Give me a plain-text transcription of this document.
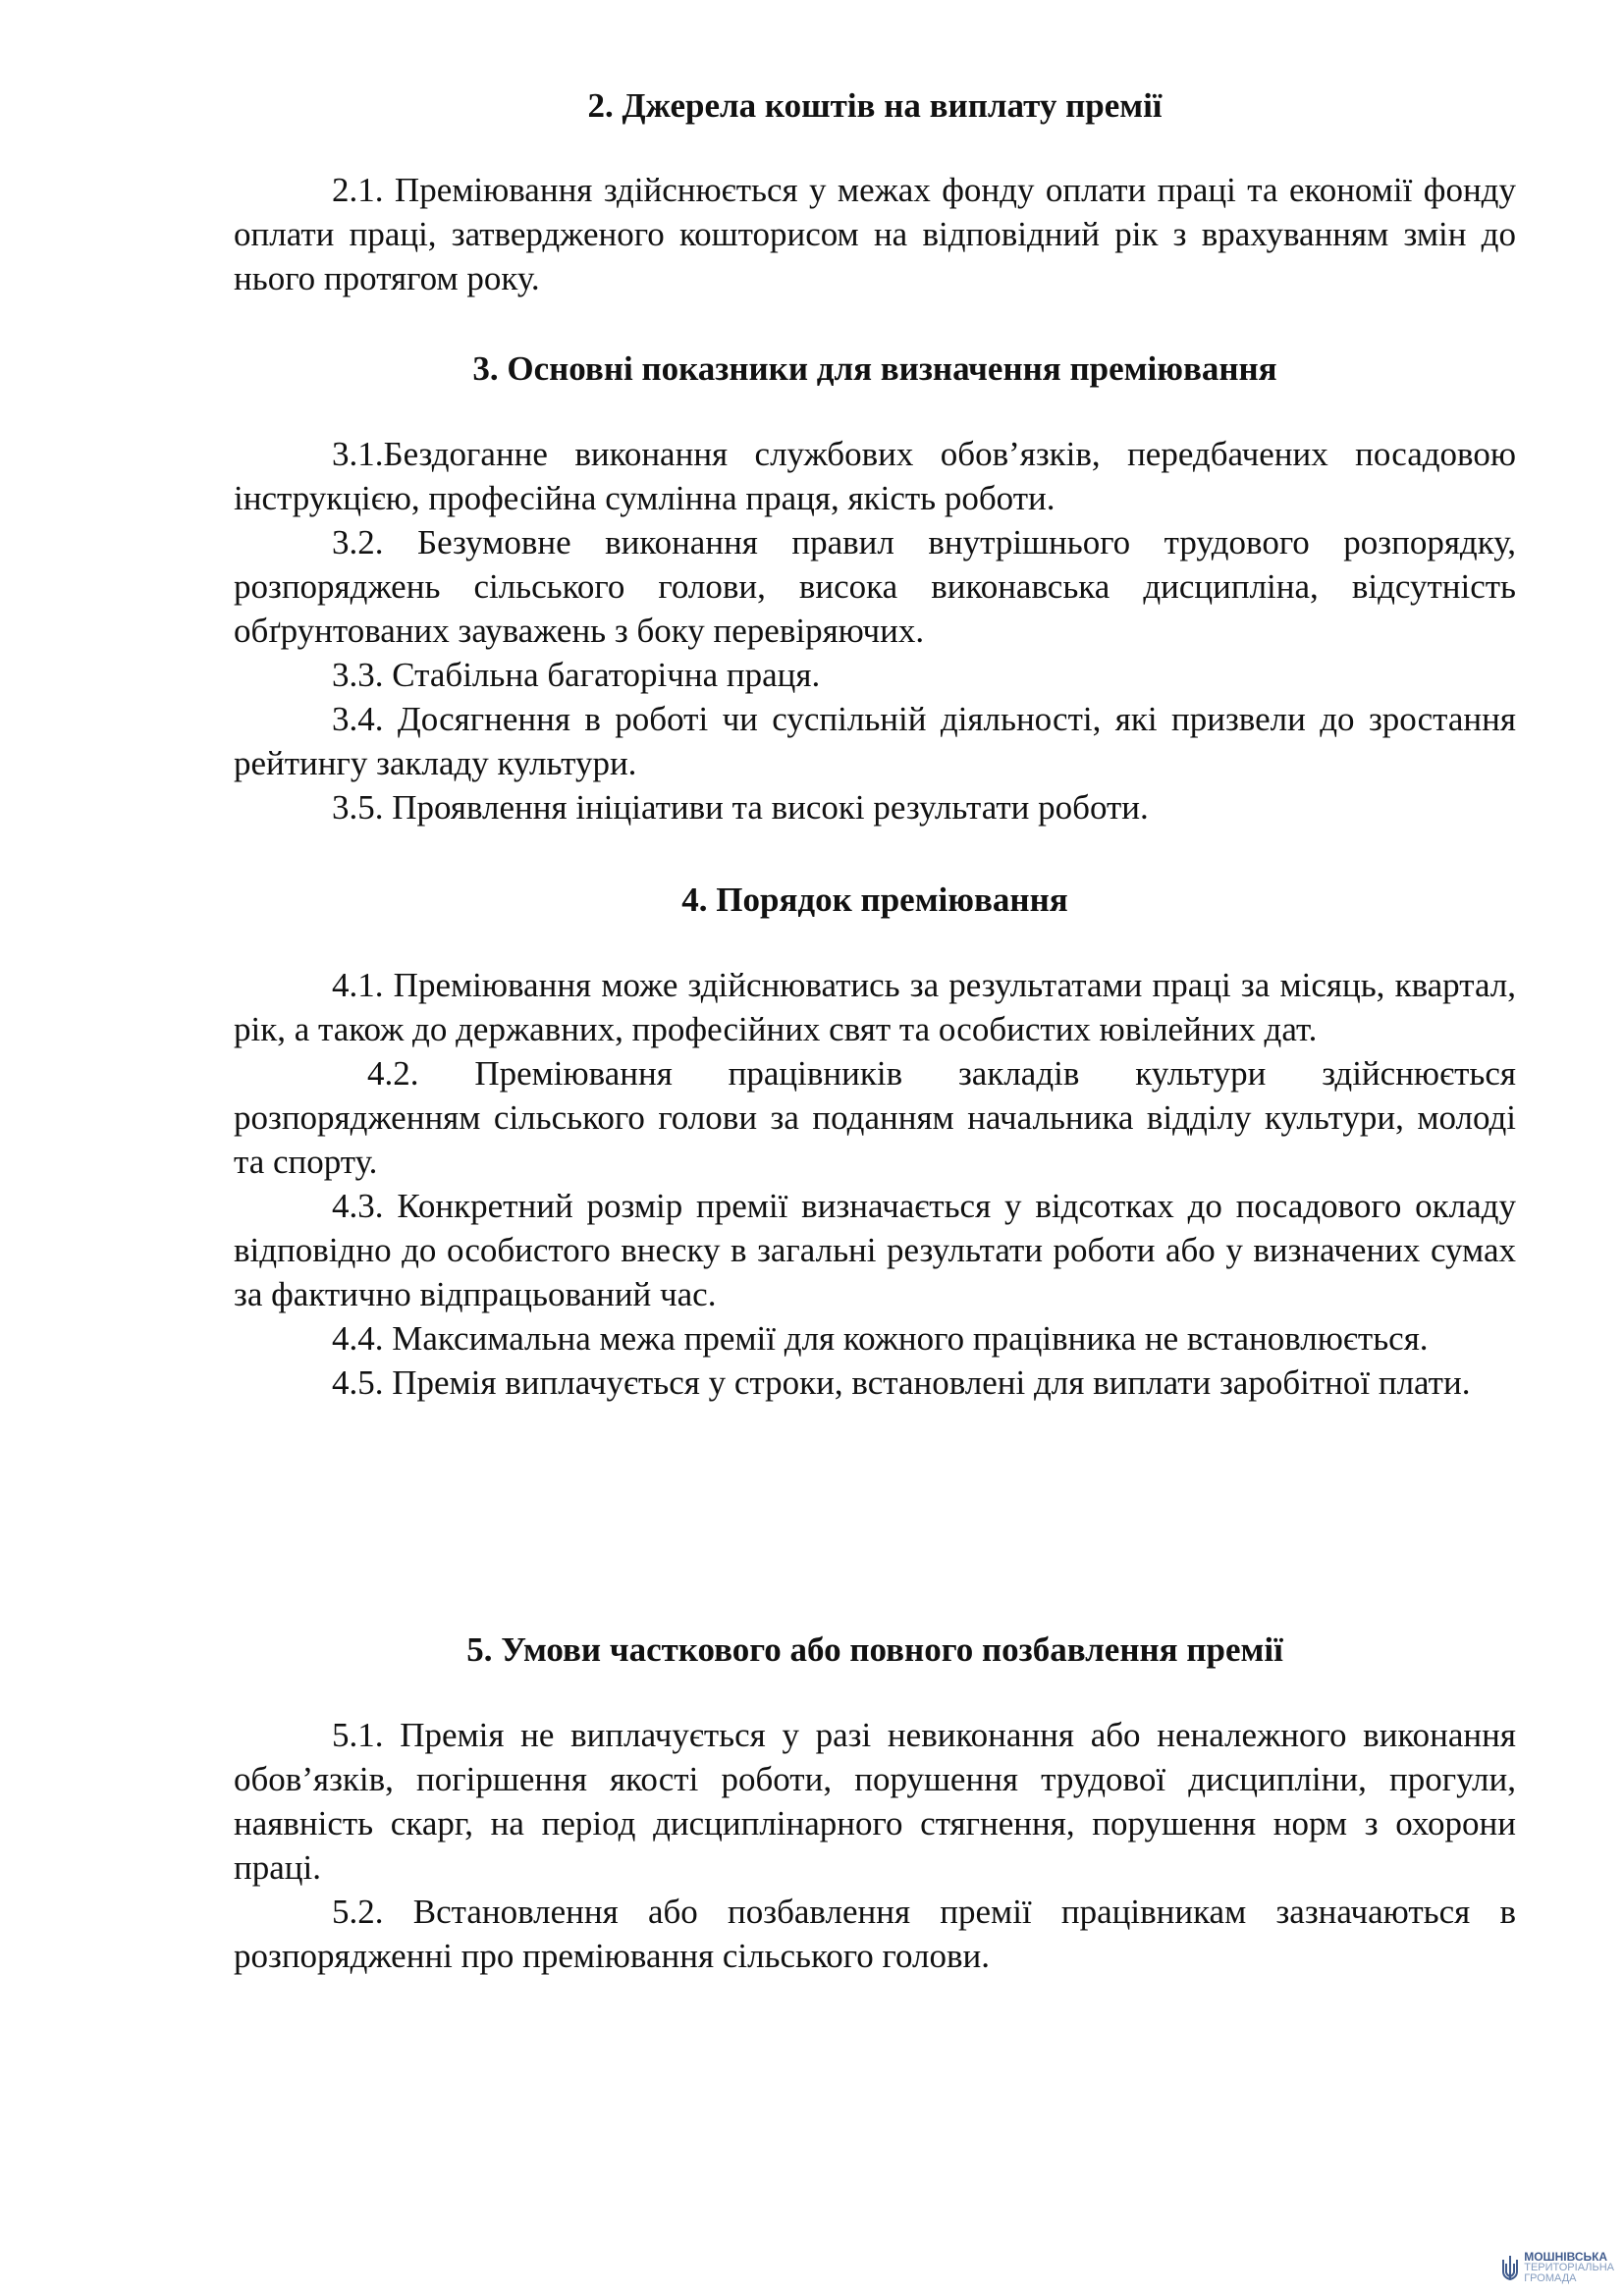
2. Джерела коштів на виплату премії

2.1. Преміювання здійснюється у межах фонду оплати праці та економії фонду оплати праці, затвердженого кошторисом на відповідний рік з врахуванням змін до нього протягом року.

3. Основні показники для визначення преміювання

3.1.Бездоганне виконання службових обов’язків, передбачених посадовою інструкцією, професійна сумлінна праця, якість роботи.

3.2. Безумовне виконання правил внутрішнього трудового розпорядку, розпоряджень сільського голови, висока виконавська дисципліна, відсутність обґрунтованих зауважень з боку перевіряючих.

3.3. Стабільна багаторічна праця.

3.4. Досягнення в роботі чи суспільній діяльності, які призвели до зростання рейтингу закладу культури.

3.5. Проявлення ініціативи та високі результати роботи.

4. Порядок преміювання

4.1. Преміювання може здійснюватись за результатами праці за місяць, квартал, рік, а також до державних, професійних свят та особистих ювілейних дат.

4.2. Преміювання працівників закладів культури здійснюється розпорядженням сільського голови за поданням начальника відділу культури, молоді та спорту.

4.3. Конкретний розмір премії визначається у відсотках до посадового окладу відповідно до особистого внеску в загальні результати роботи або у визначених сумах за фактично відпрацьований час.

4.4. Максимальна межа премії для кожного працівника не встановлюється.

4.5. Премія виплачується у строки, встановлені для виплати заробітної плати.

5. Умови часткового або повного позбавлення премії

5.1. Премія не виплачується у разі невиконання або неналежного виконання обов’язків, погіршення якості роботи, порушення трудової дисципліни, прогули, наявність скарг, на період дисциплінарного стягнення, порушення норм з охорони праці.

5.2. Встановлення або позбавлення премії працівникам зазначаються в розпорядженні про преміювання сільського голови.

МОШНІВСЬКА
ТЕРИТОРІАЛЬНА
ГРОМАДА
